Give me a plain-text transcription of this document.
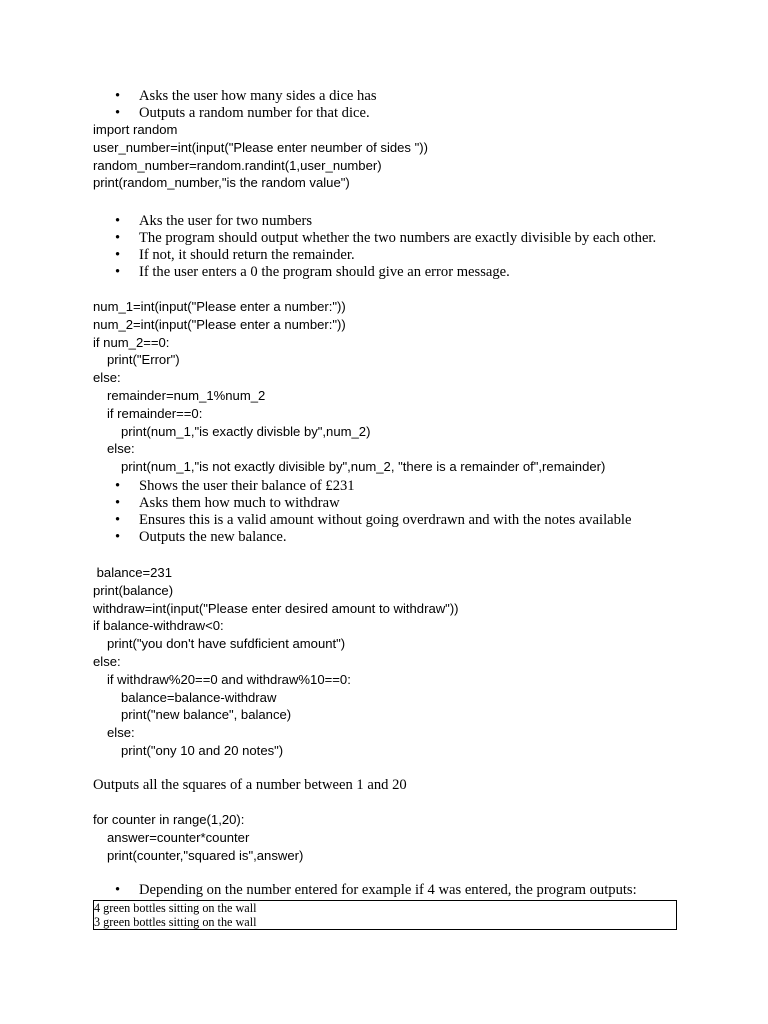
• Asks the user how many sides a dice has
• Outputs a random number for that dice.
import random
user_number=int(input("Please enter neumber of sides "))
random_number=random.randint(1,user_number)
print(random_number,"is the random value")
• Aks the user for two numbers
• The program should output whether the two numbers are exactly divisible by each other.
• If not, it should return the remainder.
• If the user enters a 0 the program should give an error message.
num_1=int(input("Please enter a number:"))
num_2=int(input("Please enter a number:"))
if num_2==0:
print("Error")
else:
remainder=num_1%num_2
if remainder==0:
print(num_1,"is exactly divisble by",num_2)
else:
print(num_1,"is not exactly divisible by",num_2, "there is a remainder of",remainder)
• Shows the user their balance of £231
• Asks them how much to withdraw
• Ensures this is a valid amount without going overdrawn and with the notes available
• Outputs the new balance.
balance=231
print(balance)
withdraw=int(input("Please enter desired amount to withdraw"))
if balance-withdraw<0:
print("you don't have sufdficient amount")
else:
if withdraw%20==0 and withdraw%10==0:
balance=balance-withdraw
print("new balance", balance)
else:
print("ony 10 and 20 notes")
Outputs all the squares of a number between 1 and 20
for counter in range(1,20):
answer=counter*counter
print(counter,"squared is",answer)
• Depending on the number entered for example if 4 was entered, the program outputs:
4 green bottles sitting on the wall
3 green bottles sitting on the wall
